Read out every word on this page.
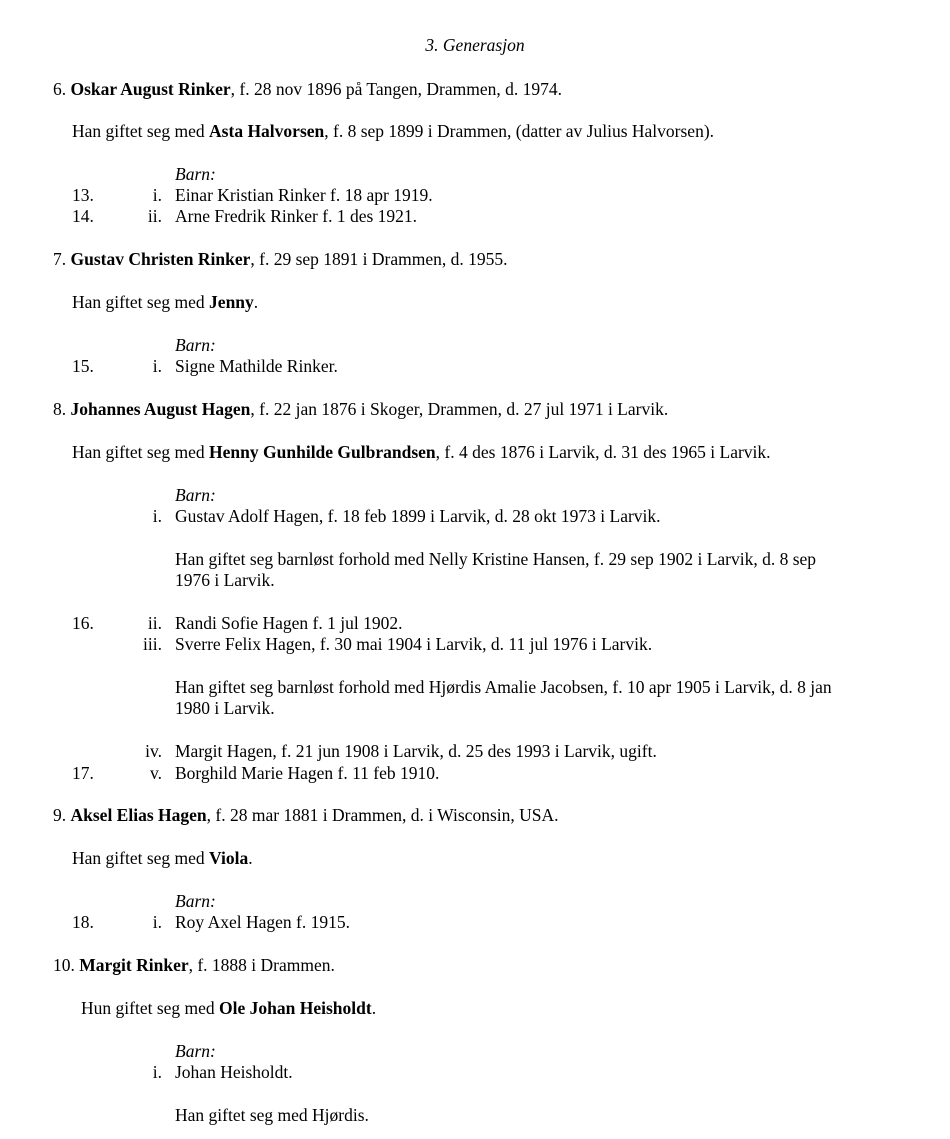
3. Generasjon
6. Oskar August Rinker, f. 28 nov 1896 på Tangen, Drammen, d. 1974.
Han giftet seg med Asta Halvorsen, f. 8 sep 1899 i Drammen, (datter av Julius Halvorsen).
Barn:
13.	i. Einar Kristian Rinker f. 18 apr 1919.
14.	ii. Arne Fredrik Rinker f. 1 des 1921.
7. Gustav Christen Rinker, f. 29 sep 1891 i Drammen, d. 1955.
Han giftet seg med Jenny.
Barn:
15.	i. Signe Mathilde Rinker.
8. Johannes August Hagen, f. 22 jan 1876 i Skoger, Drammen, d. 27 jul 1971 i Larvik.
Han giftet seg med Henny Gunhilde Gulbrandsen, f. 4 des 1876 i Larvik, d. 31 des 1965 i Larvik.
Barn:
i. Gustav Adolf Hagen, f. 18 feb 1899 i Larvik, d. 28 okt 1973 i Larvik.
Han giftet seg barnløst forhold med Nelly Kristine Hansen, f. 29 sep 1902 i Larvik, d. 8 sep
1976 i Larvik.
16.	ii. Randi Sofie Hagen f. 1 jul 1902.
iii. Sverre Felix Hagen, f. 30 mai 1904 i Larvik, d. 11 jul 1976 i Larvik.
Han giftet seg barnløst forhold med Hjørdis Amalie Jacobsen, f. 10 apr 1905 i Larvik, d. 8 jan
1980 i Larvik.
iv. Margit Hagen, f. 21 jun 1908 i Larvik, d. 25 des 1993 i Larvik, ugift.
17.	v. Borghild Marie Hagen f. 11 feb 1910.
9. Aksel Elias Hagen, f. 28 mar 1881 i Drammen, d. i Wisconsin, USA.
Han giftet seg med Viola.
Barn:
18.	i. Roy Axel Hagen f. 1915.
10. Margit Rinker, f. 1888 i Drammen.
Hun giftet seg med Ole Johan Heisholdt.
Barn:
i. Johan Heisholdt.
Han giftet seg med Hjørdis.
